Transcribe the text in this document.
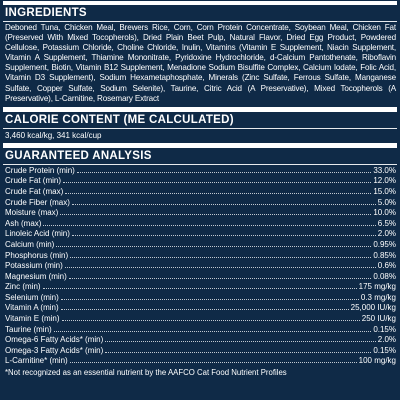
INGREDIENTS
Deboned Tuna, Chicken Meal, Brewers Rice, Corn, Corn Protein Concentrate, Soybean Meal, Chicken Fat (Preserved With Mixed Tocopherols), Dried Plain Beet Pulp, Natural Flavor, Dried Egg Product, Powdered Cellulose, Potassium Chloride, Choline Chloride, Inulin, Vitamins (Vitamin E Supplement, Niacin Supplement, Vitamin A Supplement, Thiamine Mononitrate, Pyridoxine Hydrochloride, d-Calcium Pantothenate, Riboflavin Supplement, Biotin, Vitamin B12 Supplement, Menadione Sodium Bisulfite Complex, Calcium Iodate, Folic Acid, Vitamin D3 Supplement), Sodium Hexametaphosphate, Minerals (Zinc Sulfate, Ferrous Sulfate, Manganese Sulfate, Copper Sulfate, Sodium Selenite), Taurine, Citric Acid (A Preservative), Mixed Tocopherols (A Preservative), L-Carnitine, Rosemary Extract
CALORIE CONTENT (ME CALCULATED)
3,460 kcal/kg, 341 kcal/cup
GUARANTEED ANALYSIS
Crude Protein (min)	33.0%
Crude Fat (min)	12.0%
Crude Fat (max)	15.0%
Crude Fiber (max)	5.0%
Moisture (max)	10.0%
Ash (max)	6.5%
Linoleic Acid (min)	2.0%
Calcium (min)	0.95%
Phosphorus (min)	0.85%
Potassium (min)	0.6%
Magnesium (min)	0.08%
Zinc (min)	175 mg/kg
Selenium (min)	0.3 mg/kg
Vitamin A (min)	25,000 IU/kg
Vitamin E (min)	250 IU/kg
Taurine (min)	0.15%
Omega-6 Fatty Acids* (min)	2.0%
Omega-3 Fatty Acids* (min)	0.15%
L-Carnitine* (min)	100 mg/kg
*Not recognized as an essential nutrient by the AAFCO Cat Food Nutrient Profiles
